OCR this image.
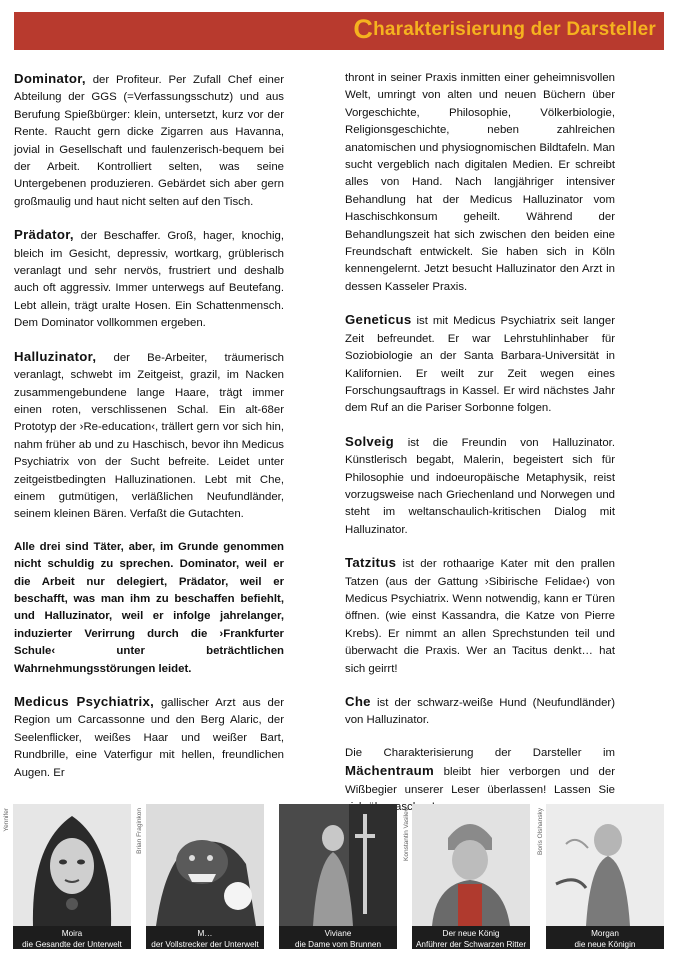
Charakterisierung der Darsteller

Dominator, der Profiteur. Per Zufall Chef einer Abteilung der GGS (=Verfassungsschutz) und aus Berufung Spießbürger: klein, untersetzt, kurz vor der Rente. Raucht gern dicke Zigarren aus Havanna, jovial in Gesellschaft und faulenzerisch-bequem bei der Arbeit. Kontrolliert selten, was seine Untergebenen produzieren. Gebärdet sich aber gern großmaulig und haut nicht selten auf den Tisch.

Prädator, der Beschaffer. Groß, hager, knochig, bleich im Gesicht, depressiv, wortkarg, grüblerisch veranlagt und sehr nervös, frustriert und deshalb auch oft aggressiv. Immer unterwegs auf Beutefang. Lebt allein, trägt uralte Hosen. Ein Schattenmensch. Dem Dominator vollkommen ergeben.

Halluzinator, der Be-Arbeiter, träumerisch veranlagt, schwebt im Zeitgeist, grazil, im Nacken zusammengebundene lange Haare, trägt immer einen roten, verschlissenen Schal. Ein alt-68er Prototyp der ›Re-education‹, trällert gern vor sich hin, nahm früher ab und zu Haschisch, bevor ihn Medicus Psychiatrix von der Sucht befreite. Leidet unter zeitgeistbedingten Halluzinationen. Lebt mit Che, einem gutmütigen, verläßlichen Neufundländer, seinem kleinen Bären. Verfaßt die Gutachten.

Alle drei sind Täter, aber, im Grunde genommen nicht schuldig zu sprechen. Dominator, weil er die Arbeit nur delegiert, Prädator, weil er beschafft, was man ihm zu beschaffen befiehlt, und Halluzinator, weil er infolge jahrelanger, induzierter Verirrung durch die ›Frankfurter Schule‹ unter beträchtlichen Wahrnehmungsstörungen leidet.

Medicus Psychiatrix, gallischer Arzt aus der Region um Carcassonne und den Berg Alaric, der Seelenflicker, weißes Haar und weißer Bart, Rundbrille, eine Vaterfigur mit hellen, freundlichen Augen. Er

thront in seiner Praxis inmitten einer geheimnisvollen Welt, umringt von alten und neuen Büchern über Vorgeschichte, Philosophie, Völkerbiologie, Religionsgeschichte, neben zahlreichen anatomischen und physiognomischen Bildtafeln. Man sucht vergeblich nach digitalen Medien. Er schreibt alles von Hand. Nach langjähriger intensiver Behandlung hat der Medicus Halluzinator vom Haschischkonsum geheilt. Während der Behandlungszeit hat sich zwischen den beiden eine Freundschaft entwickelt. Sie haben sich in Köln kennengelernt. Jetzt besucht Halluzinator den Arzt in dessen Kasseler Praxis.

Geneticus ist mit Medicus Psychiatrix seit langer Zeit befreundet. Er war Lehrstuhlinhaber für Soziobiologie an der Santa Barbara-Universität in Kalifornien. Er weilt zur Zeit wegen eines Forschungsauftrags in Kassel. Er wird nächstes Jahr dem Ruf an die Pariser Sorbonne folgen.

Solveig ist die Freundin von Halluzinator. Künstlerisch begabt, Malerin, begeistert sich für Philosophie und indoeuropäische Metaphysik, reist vorzugsweise nach Griechenland und Norwegen und steht im weltanschaulich-kritischen Dialog mit Halluzinator.

Tatzitus ist der rothaarige Kater mit den prallen Tatzen (aus der Gattung ›Sibirische Felidae‹) von Medicus Psychiatrix. Wenn notwendig, kann er Türen öffnen. (wie einst Kassandra, die Katze von Pierre Krebs). Er nimmt an allen Sprechstunden teil und überwacht die Praxis. Wer an Tacitus denkt… hat sich geirrt!

Che ist der schwarz-weiße Hund (Neufundländer) von Halluzinator.

Die Charakterisierung der Darsteller im Mächentraum bleibt hier verborgen und der Wißbegier unserer Leser überlassen! Lassen Sie überraschen!

Yennifer
Moira
die Gesandte der Unterwelt
Brian Fraginkon
M…
der Vollstrecker der Unterwelt
Viviane
die Dame vom Brunnen
Konstantin Vasilev
Der neue König
Anführer der Schwarzen Ritter
Boris Olshansky
Morgan
die neue Königin
